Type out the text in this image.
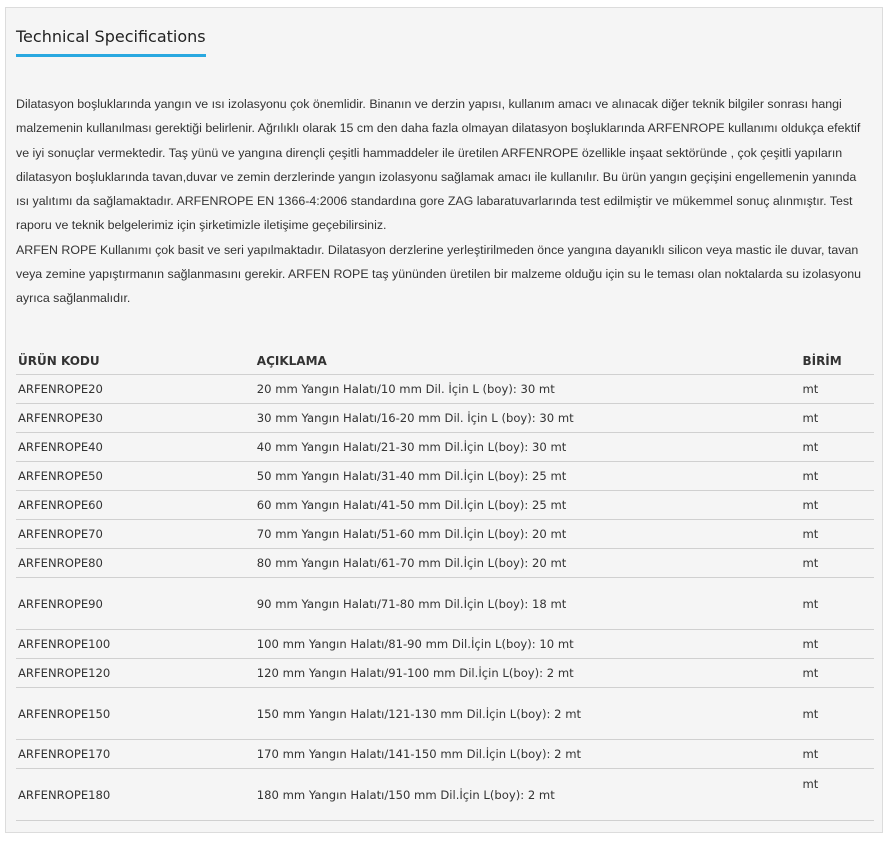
Technical Specifications

Dilatasyon boşluklarında yangın ve ısı izolasyonu çok önemlidir. Binanın ve derzin yapısı, kullanım amacı ve alınacak diğer teknik bilgiler sonrası hangi malzemenin kullanılması gerektiği belirlenir. Ağrılıklı olarak 15 cm den daha fazla olmayan dilatasyon boşluklarında ARFENROPE kullanımı oldukça efektif ve iyi sonuçlar vermektedir. Taş yünü ve yangına dirençli çeşitli hammaddeler ile üretilen ARFENROPE özellikle inşaat sektöründe , çok çeşitli yapıların dilatasyon boşluklarında tavan,duvar ve zemin derzlerinde yangın izolasyonu sağlamak amacı ile kullanılır. Bu ürün yangın geçişini engellemenin yanında ısı yalıtımı da sağlamaktadır. ARFENROPE EN 1366-4:2006 standardına gore ZAG labaratuvarlarında test edilmiştir ve mükemmel sonuç alınmıştır. Test raporu ve teknik belgelerimiz için şirketimizle iletişime geçebilirsiniz.

ARFEN ROPE Kullanımı çok basit ve seri yapılmaktadır. Dilatasyon derzlerine yerleştirilmeden önce yangına dayanıklı silicon veya mastic ile duvar, tavan veya zemine yapıştırmanın sağlanmasını gerekir. ARFEN ROPE taş yününden üretilen bir malzeme olduğu için su le teması olan noktalarda su izolasyonu ayrıca sağlanmalıdır.

ÜRÜN KODU	AÇIKLAMA	BİRİM
ARFENROPE20	20 mm Yangın Halatı/10 mm Dil. İçin L (boy): 30 mt	mt
ARFENROPE30	30 mm Yangın Halatı/16-20 mm Dil. İçin L (boy): 30 mt	mt
ARFENROPE40	40 mm Yangın Halatı/21-30 mm Dil.İçin L(boy): 30 mt	mt
ARFENROPE50	50 mm Yangın Halatı/31-40 mm Dil.İçin L(boy): 25 mt	mt
ARFENROPE60	60 mm Yangın Halatı/41-50 mm Dil.İçin L(boy): 25 mt	mt
ARFENROPE70	70 mm Yangın Halatı/51-60 mm Dil.İçin L(boy): 20 mt	mt
ARFENROPE80	80 mm Yangın Halatı/61-70 mm Dil.İçin L(boy): 20 mt	mt
ARFENROPE90	90 mm Yangın Halatı/71-80 mm Dil.İçin L(boy): 18 mt	mt
ARFENROPE100	100 mm Yangın Halatı/81-90 mm Dil.İçin L(boy): 10 mt	mt
ARFENROPE120	120 mm Yangın Halatı/91-100 mm Dil.İçin L(boy): 2 mt	mt
ARFENROPE150	150 mm Yangın Halatı/121-130 mm Dil.İçin L(boy): 2 mt	mt
ARFENROPE170	170 mm Yangın Halatı/141-150 mm Dil.İçin L(boy): 2 mt	mt
ARFENROPE180	180 mm Yangın Halatı/150 mm Dil.İçin L(boy): 2 mt	mt
